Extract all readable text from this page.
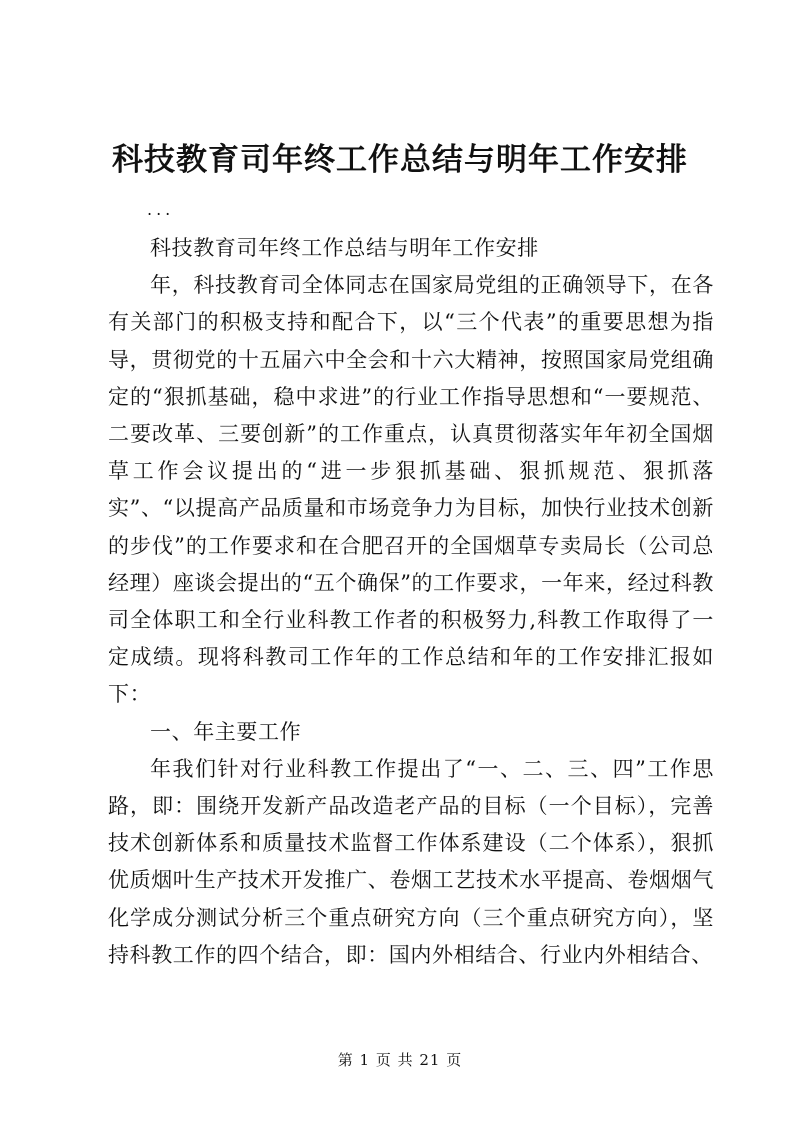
科技教育司年终工作总结与明年工作安排
...

科技教育司年终工作总结与明年工作安排

年，科技教育司全体同志在国家局党组的正确领导下，在各有关部门的积极支持和配合下，以“三个代表”的重要思想为指导，贯彻党的十五届六中全会和十六大精神，按照国家局党组确定的“狠抓基础，稳中求进”的行业工作指导思想和“一要规范、二要改革、三要创新”的工作重点，认真贯彻落实年年初全国烟草工作会议提出的“进一步狠抓基础、狠抓规范、狠抓落实”、“以提高产品质量和市场竞争力为目标，加快行业技术创新的步伐”的工作要求和在合肥召开的全国烟草专卖局长（公司总经理）座谈会提出的“五个确保”的工作要求，一年来，经过科教司全体职工和全行业科教工作者的积极努力,科教工作取得了一定成绩。现将科教司工作年的工作总结和年的工作安排汇报如下：

一、年主要工作

年我们针对行业科教工作提出了“一、二、三、四”工作思路，即：围绕开发新产品改造老产品的目标（一个目标），完善技术创新体系和质量技术监督工作体系建设（二个体系），狠抓优质烟叶生产技术开发推广、卷烟工艺技术水平提高、卷烟烟气化学成分测试分析三个重点研究方向（三个重点研究方向），坚持科教工作的四个结合，即：国内外相结合、行业内外相结合、

第 1 页 共 21 页
